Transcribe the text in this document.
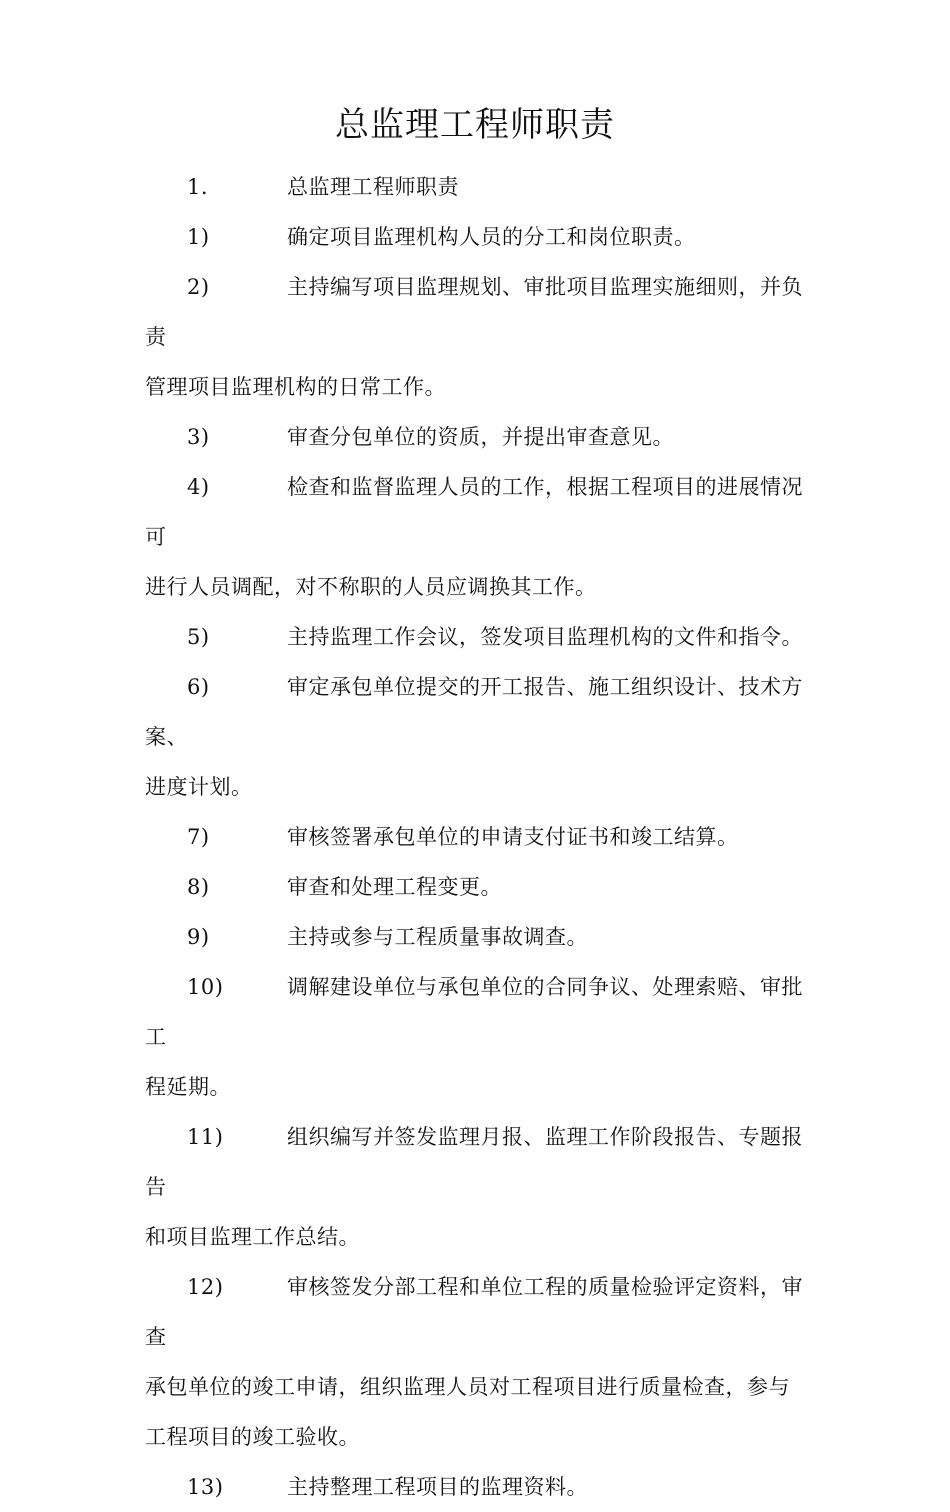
总监理工程师职责

1.	总监理工程师职责

1)	确定项目监理机构人员的分工和岗位职责。

2)	主持编写项目监理规划、审批项目监理实施细则，并负责

管理项目监理机构的日常工作。

3)	审查分包单位的资质，并提出审查意见。

4)	检查和监督监理人员的工作，根据工程项目的进展情况可

进行人员调配，对不称职的人员应调换其工作。

5)	主持监理工作会议，签发项目监理机构的文件和指令。

6)	审定承包单位提交的开工报告、施工组织设计、技术方案、

进度计划。

7)	审核签署承包单位的申请支付证书和竣工结算。

8)	审查和处理工程变更。

9)	主持或参与工程质量事故调查。

10)	调解建设单位与承包单位的合同争议、处理索赔、审批工

程延期。

11)	组织编写并签发监理月报、监理工作阶段报告、专题报告

和项目监理工作总结。

12)	审核签发分部工程和单位工程的质量检验评定资料，审查

承包单位的竣工申请，组织监理人员对工程项目进行质量检查，参与

工程项目的竣工验收。

13)	主持整理工程项目的监理资料。
